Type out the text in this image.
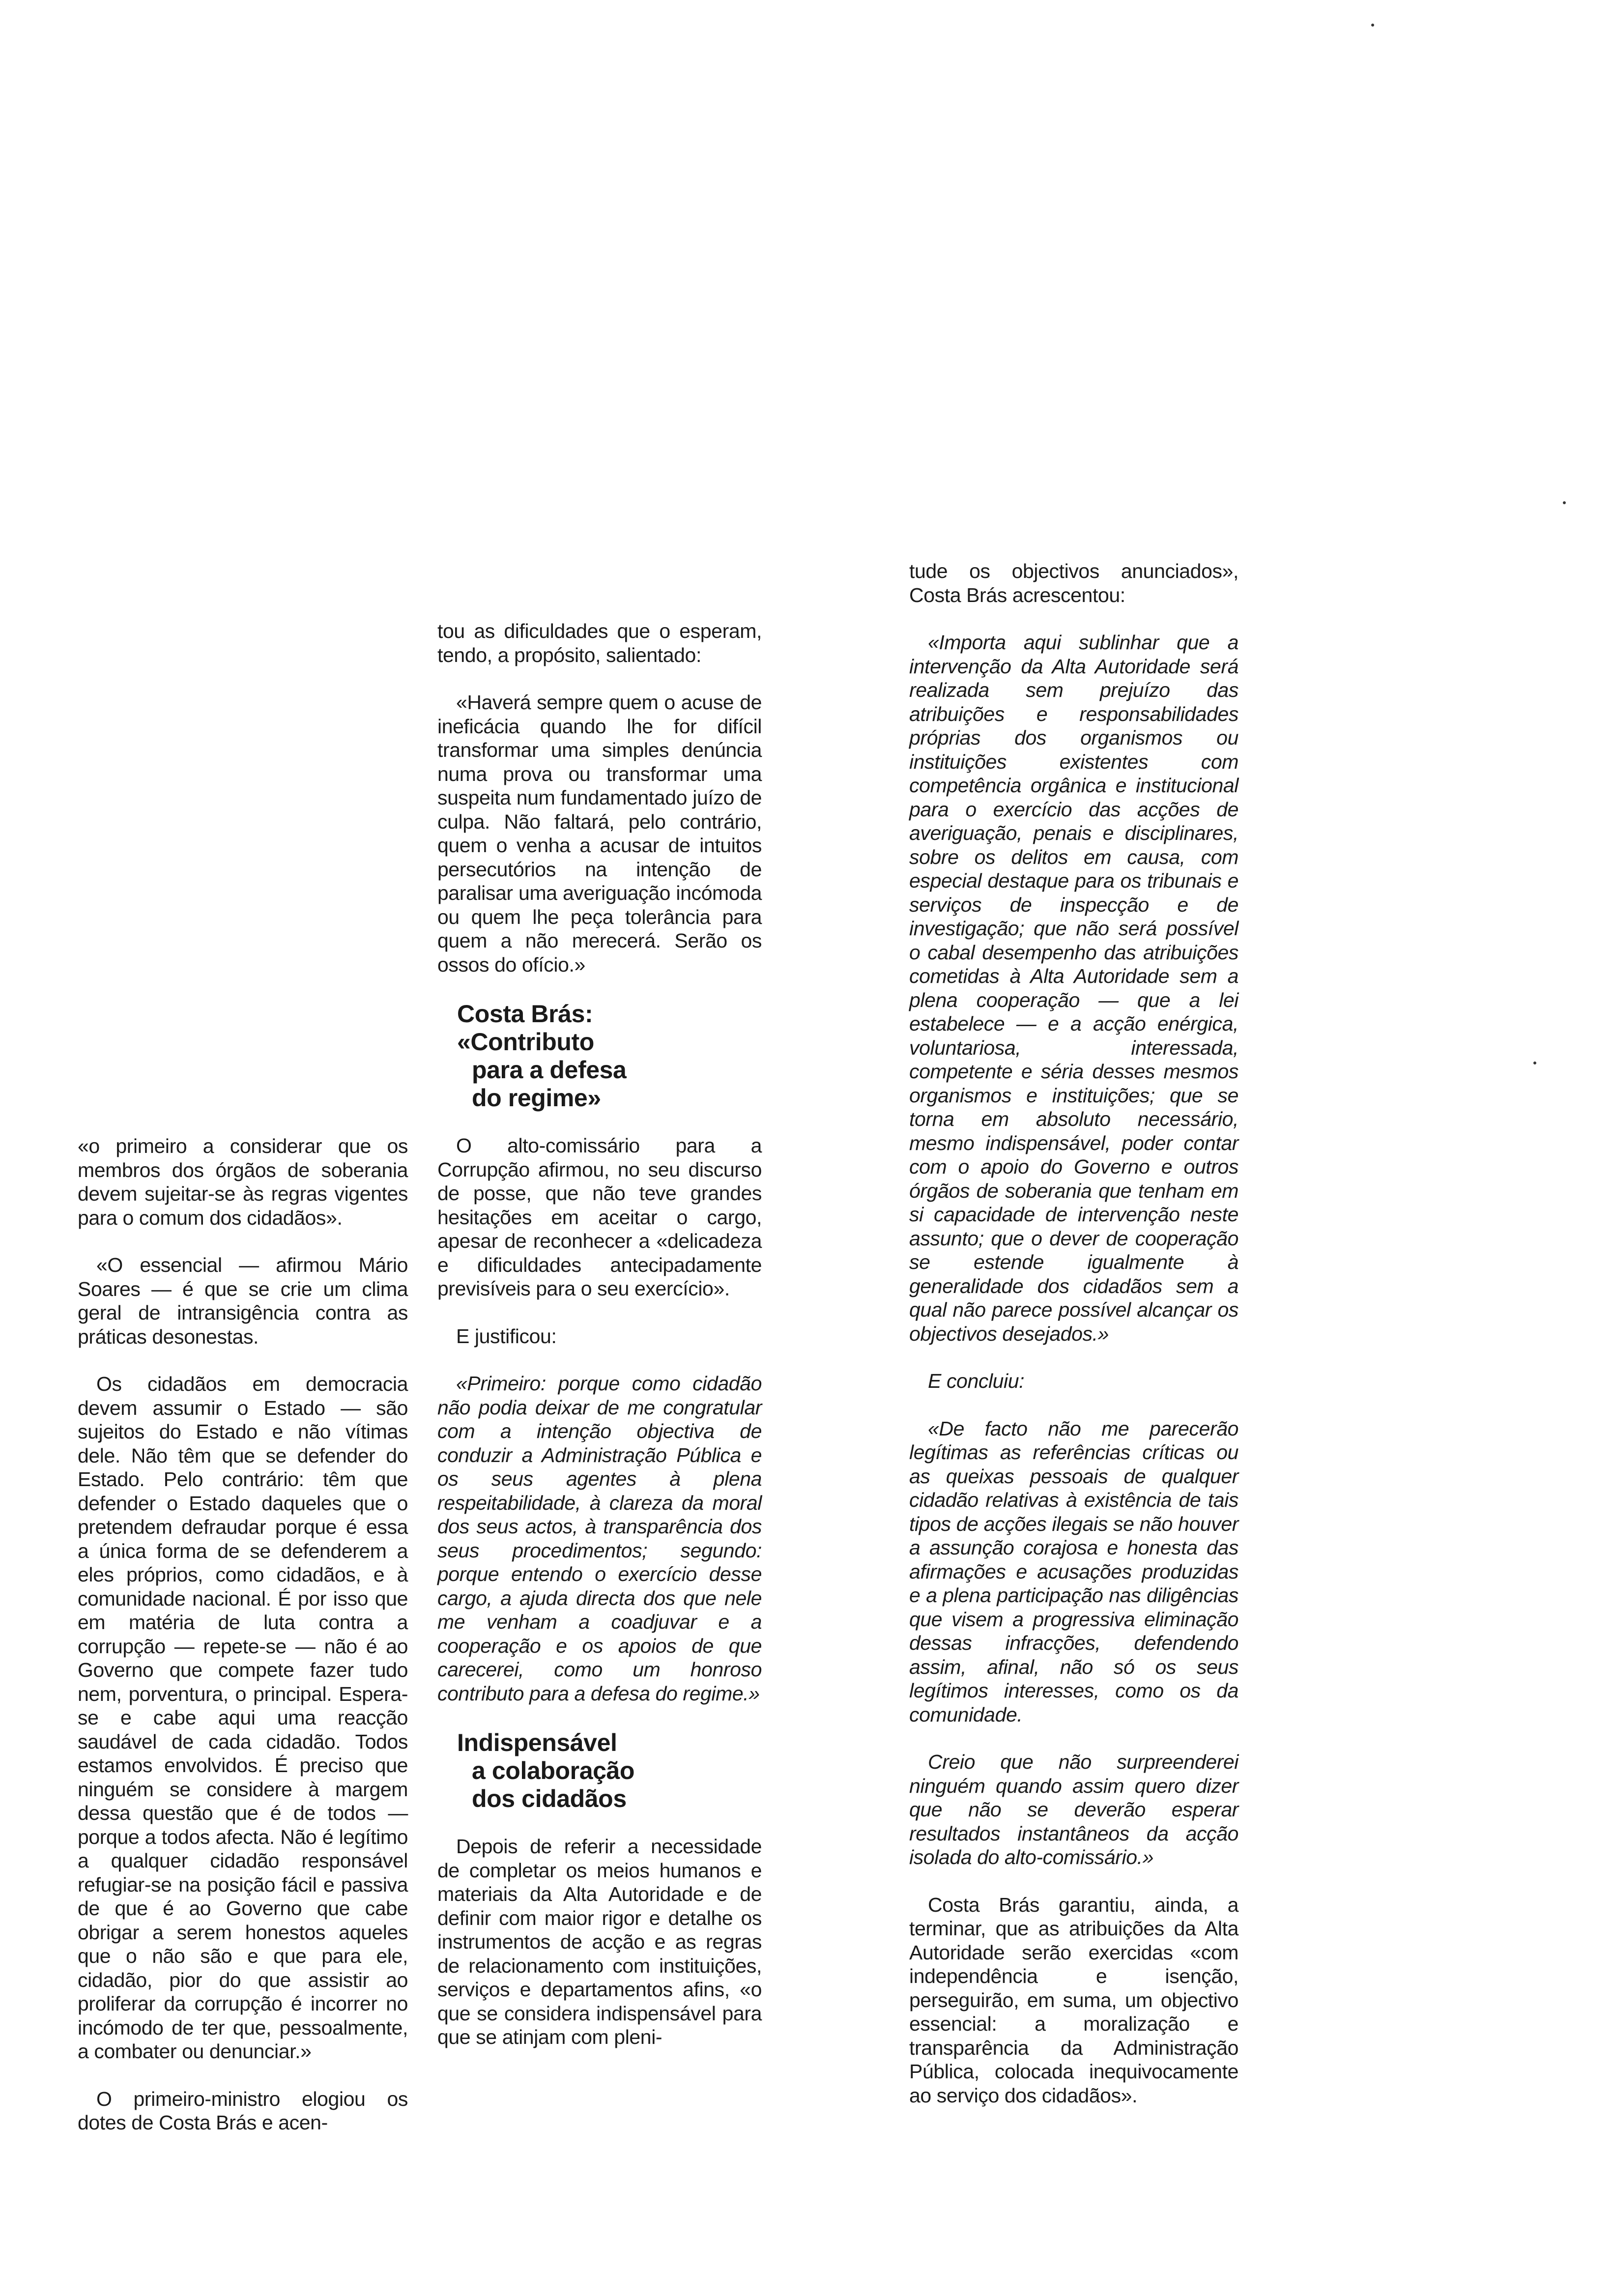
«o primeiro a considerar que os membros dos órgãos de soberania devem sujeitar-se às regras vigentes para o comum dos cidadãos».

«O essencial — afirmou Mário Soares — é que se crie um clima geral de intransigência contra as práticas desonestas.

Os cidadãos em democracia devem assumir o Estado — são sujeitos do Estado e não vítimas dele. Não têm que se defender do Estado. Pelo contrário: têm que defender o Estado daqueles que o pretendem defraudar porque é essa a única forma de se defenderem a eles próprios, como cidadãos, e à comunidade nacional. É por isso que em matéria de luta contra a corrupção — repete-se — não é ao Governo que compete fazer tudo nem, porventura, o principal. Espera-se e cabe aqui uma reacção saudável de cada cidadão. Todos estamos envolvidos. É preciso que ninguém se considere à margem dessa questão que é de todos — porque a todos afecta. Não é legítimo a qualquer cidadão responsável refugiar-se na posição fácil e passiva de que é ao Governo que cabe obrigar a serem honestos aqueles que o não são e que para ele, cidadão, pior do que assistir ao proliferar da corrupção é incorrer no incómodo de ter que, pessoalmente, a combater ou denunciar.»

O primeiro-ministro elogiou os dotes de Costa Brás e acen-

tou as dificuldades que o esperam, tendo, a propósito, salientado:

«Haverá sempre quem o acuse de ineficácia quando lhe for difícil transformar uma simples denúncia numa prova ou transformar uma suspeita num fundamentado juízo de culpa. Não faltará, pelo contrário, quem o venha a acusar de intuitos persecutórios na intenção de paralisar uma averiguação incómoda ou quem lhe peça tolerância para quem a não merecerá. Serão os ossos do ofício.»

Costa Brás:
«Contributo
para a defesa
do regime»

O alto-comissário para a Corrupção afirmou, no seu discurso de posse, que não teve grandes hesitações em aceitar o cargo, apesar de reconhecer a «delicadeza e dificuldades antecipadamente previsíveis para o seu exercício».

E justificou:

«Primeiro: porque como cidadão não podia deixar de me congratular com a intenção objectiva de conduzir a Administração Pública e os seus agentes à plena respeitabilidade, à clareza da moral dos seus actos, à transparência dos seus procedimentos; segundo: porque entendo o exercício desse cargo, a ajuda directa dos que nele me venham a coadjuvar e a cooperação e os apoios de que carecerei, como um honroso contributo para a defesa do regime.»

Indispensável
a colaboração
dos cidadãos

Depois de referir a necessidade de completar os meios humanos e materiais da Alta Autoridade e de definir com maior rigor e detalhe os instrumentos de acção e as regras de relacionamento com instituições, serviços e departamentos afins, «o que se considera indispensável para que se atinjam com pleni-

tude os objectivos anunciados», Costa Brás acrescentou:

«Importa aqui sublinhar que a intervenção da Alta Autoridade será realizada sem prejuízo das atribuições e responsabilidades próprias dos organismos ou instituições existentes com competência orgânica e institucional para o exercício das acções de averiguação, penais e disciplinares, sobre os delitos em causa, com especial destaque para os tribunais e serviços de inspecção e de investigação; que não será possível o cabal desempenho das atribuições cometidas à Alta Autoridade sem a plena cooperação — que a lei estabelece — e a acção enérgica, voluntariosa, interessada, competente e séria desses mesmos organismos e instituições; que se torna em absoluto necessário, mesmo indispensável, poder contar com o apoio do Governo e outros órgãos de soberania que tenham em si capacidade de intervenção neste assunto; que o dever de cooperação se estende igualmente à generalidade dos cidadãos sem a qual não parece possível alcançar os objectivos desejados.»

E concluiu:

«De facto não me parecerão legítimas as referências críticas ou as queixas pessoais de qualquer cidadão relativas à existência de tais tipos de acções ilegais se não houver a assunção corajosa e honesta das afirmações e acusações produzidas e a plena participação nas diligências que visem a progressiva eliminação dessas infracções, defendendo assim, afinal, não só os seus legítimos interesses, como os da comunidade.

Creio que não surpreenderei ninguém quando assim quero dizer que não se deverão esperar resultados instantâneos da acção isolada do alto-comissário.»

Costa Brás garantiu, ainda, a terminar, que as atribuições da Alta Autoridade serão exercidas «com independência e isenção, perseguirão, em suma, um objectivo essencial: a moralização e transparência da Administração Pública, colocada inequivocamente ao serviço dos cidadãos».
